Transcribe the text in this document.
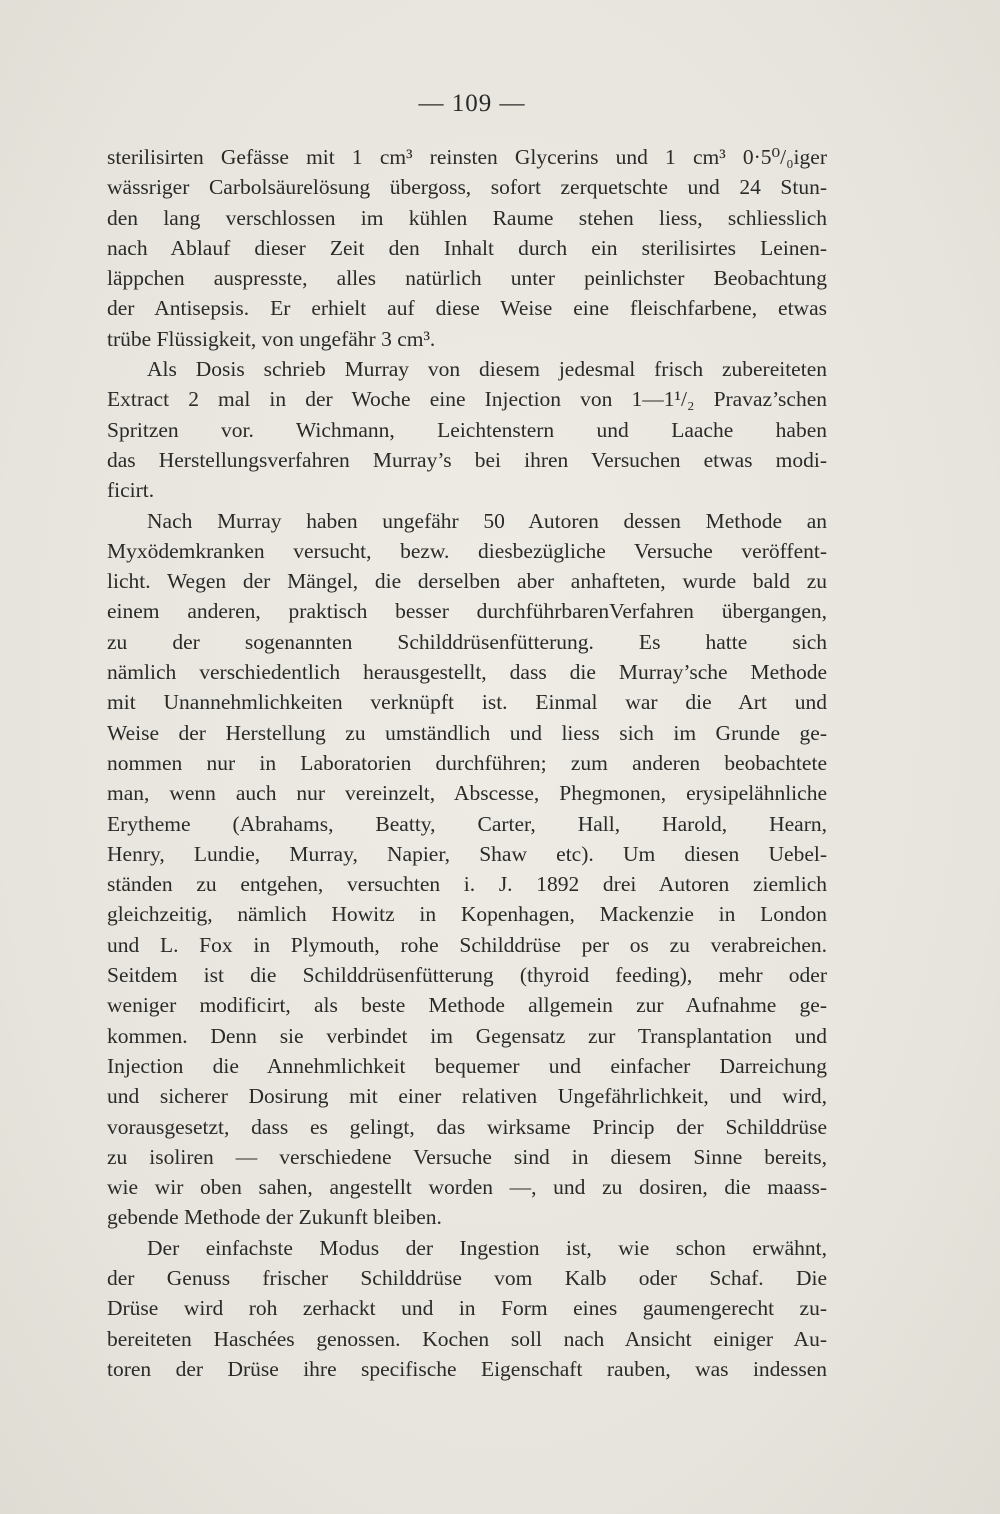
— 109 —
sterilisirten Gefässe mit 1 cm³ reinsten Glycerins und 1 cm³ 0·5⁰/₀iger
wässriger Carbolsäurelösung übergoss, sofort zerquetschte und 24 Stun-
den lang verschlossen im kühlen Raume stehen liess, schliesslich
nach Ablauf dieser Zeit den Inhalt durch ein sterilisirtes Leinen-
läppchen auspresste, alles natürlich unter peinlichster Beobachtung
der Antisepsis. Er erhielt auf diese Weise eine fleischfarbene, etwas
trübe Flüssigkeit, von ungefähr 3 cm³.
Als Dosis schrieb Murray von diesem jedesmal frisch zubereiteten
Extract 2 mal in der Woche eine Injection von 1—1¹/₂ Pravaz’schen
Spritzen vor. Wichmann, Leichtenstern und Laache haben
das Herstellungsverfahren Murray’s bei ihren Versuchen etwas modi-
ficirt.
Nach Murray haben ungefähr 50 Autoren dessen Methode an
Myxödemkranken versucht, bezw. diesbezügliche Versuche veröffent-
licht. Wegen der Mängel, die derselben aber anhafteten, wurde bald zu
einem anderen, praktisch besser durchführbarenVerfahren übergangen,
zu der sogenannten Schilddrüsenfütterung. Es hatte sich
nämlich verschiedentlich herausgestellt, dass die Murray’sche Methode
mit Unannehmlichkeiten verknüpft ist. Einmal war die Art und
Weise der Herstellung zu umständlich und liess sich im Grunde ge-
nommen nur in Laboratorien durchführen; zum anderen beobachtete
man, wenn auch nur vereinzelt, Abscesse, Phegmonen, erysipelähnliche
Erytheme (Abrahams, Beatty, Carter, Hall, Harold, Hearn,
Henry, Lundie, Murray, Napier, Shaw etc). Um diesen Uebel-
ständen zu entgehen, versuchten i. J. 1892 drei Autoren ziemlich
gleichzeitig, nämlich Howitz in Kopenhagen, Mackenzie in London
und L. Fox in Plymouth, rohe Schilddrüse per os zu verabreichen.
Seitdem ist die Schilddrüsenfütterung (thyroid feeding), mehr oder
weniger modificirt, als beste Methode allgemein zur Aufnahme ge-
kommen. Denn sie verbindet im Gegensatz zur Transplantation und
Injection die Annehmlichkeit bequemer und einfacher Darreichung
und sicherer Dosirung mit einer relativen Ungefährlichkeit, und wird,
vorausgesetzt, dass es gelingt, das wirksame Princip der Schilddrüse
zu isoliren — verschiedene Versuche sind in diesem Sinne bereits,
wie wir oben sahen, angestellt worden —, und zu dosiren, die maass-
gebende Methode der Zukunft bleiben.
Der einfachste Modus der Ingestion ist, wie schon erwähnt,
der Genuss frischer Schilddrüse vom Kalb oder Schaf. Die
Drüse wird roh zerhackt und in Form eines gaumengerecht zu-
bereiteten Haschées genossen. Kochen soll nach Ansicht einiger Au-
toren der Drüse ihre specifische Eigenschaft rauben, was indessen
